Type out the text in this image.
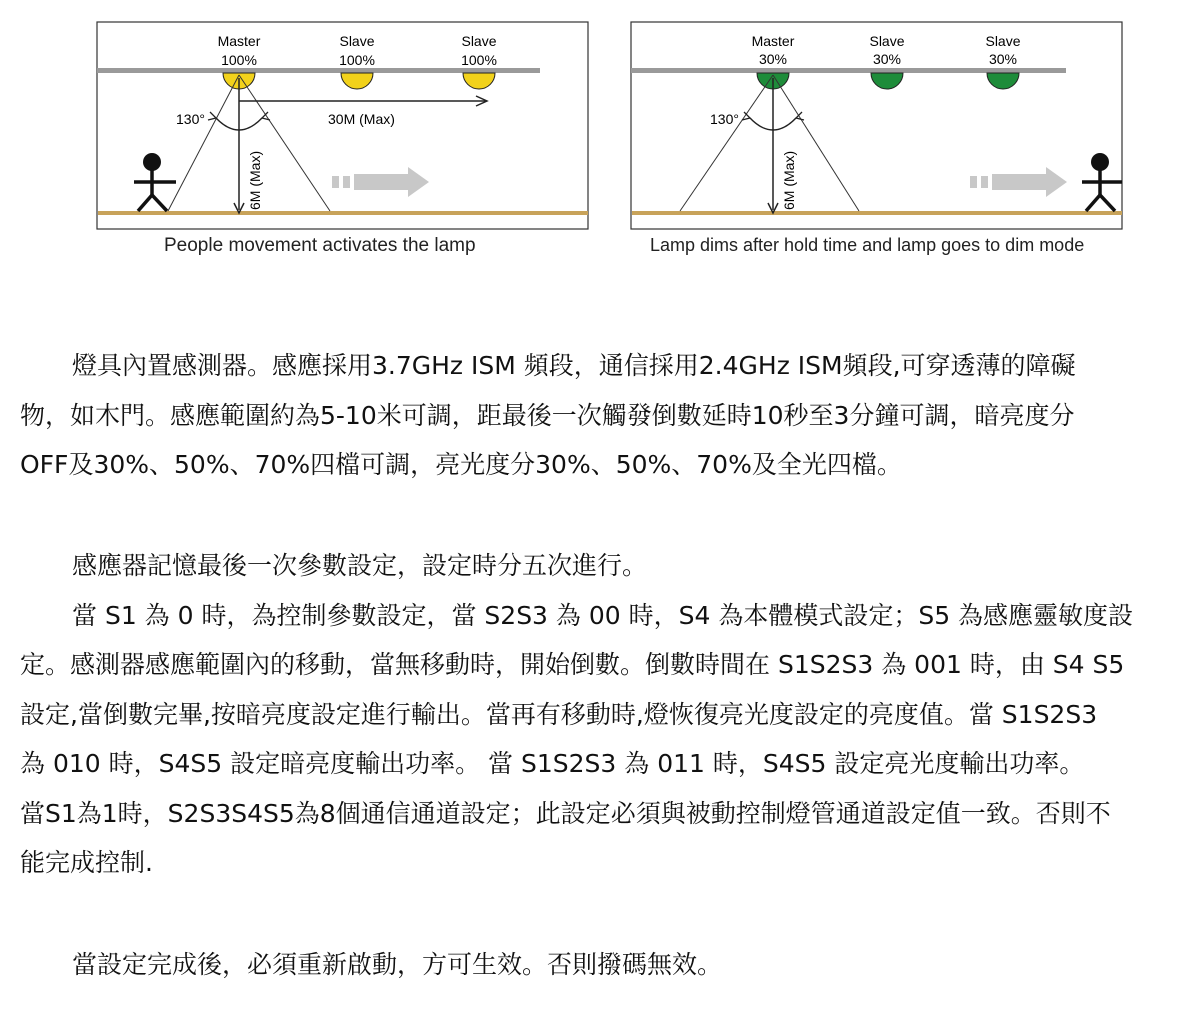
Master
100%
Slave
100%
Slave
100%
6M (Max)
30M (Max)
130°
People movement activates the lamp
Master
30%
Slave
30%
Slave
30%
6M (Max)
130°
Lamp dims after hold time and lamp goes to dim mode
燈具內置感測器。感應採用3.7GHz ISM 頻段，通信採用2.4GHz ISM頻段,可穿透薄的障礙
物，如木門。感應範圍約為5-10米可調，距最後一次觸發倒數延時10秒至3分鐘可調，暗亮度分
OFF及30%、50%、70%四檔可調，亮光度分30%、50%、70%及全光四檔。
感應器記憶最後一次參數設定，設定時分五次進行。
當 S1 為 0 時，為控制參數設定，當 S2S3 為 00 時，S4 為本體模式設定；S5 為感應靈敏度設
定。感測器感應範圍內的移動，當無移動時，開始倒數。倒數時間在 S1S2S3 為 001 時，由 S4 S5
設定,當倒數完畢,按暗亮度設定進行輸出。當再有移動時,燈恢復亮光度設定的亮度值。當 S1S2S3
為 010 時，S4S5 設定暗亮度輸出功率。 當 S1S2S3 為 011 時，S4S5 設定亮光度輸出功率。
當S1為1時，S2S3S4S5為8個通信通道設定；此設定必須與被動控制燈管通道設定值一致。否則不
能完成控制.
當設定完成後，必須重新啟動，方可生效。否則撥碼無效。
